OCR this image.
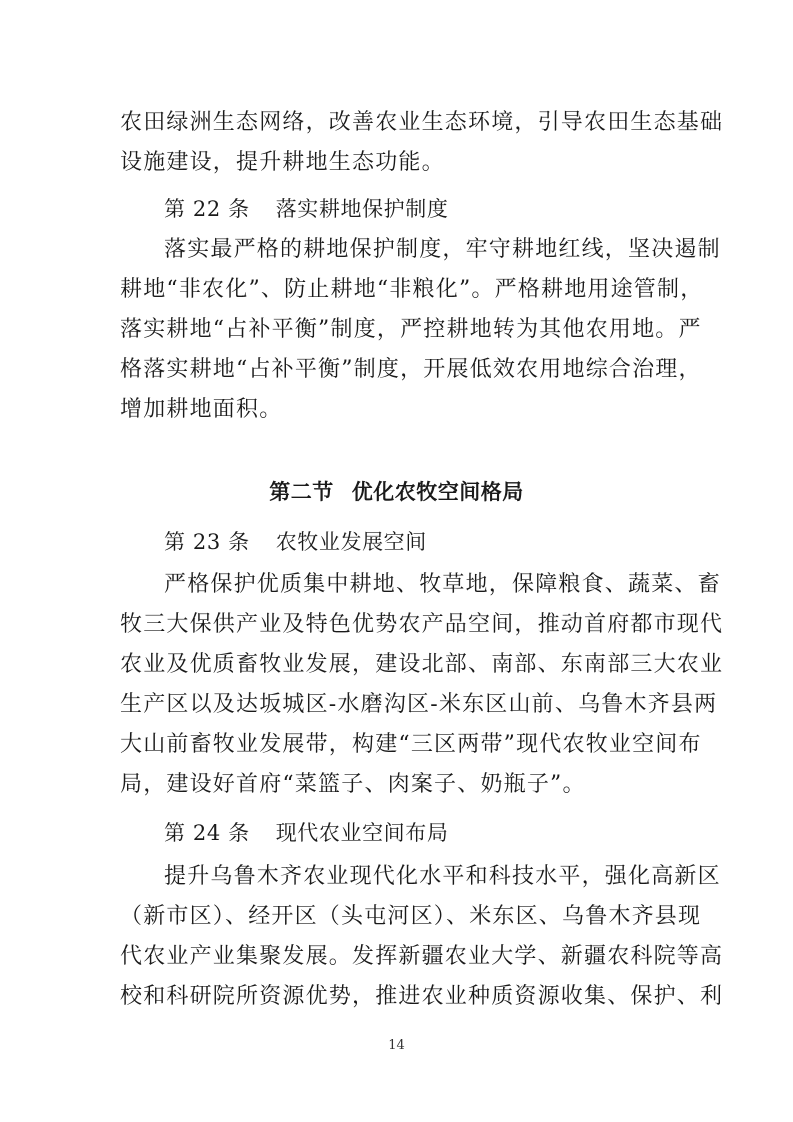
农田绿洲生态网络，改善农业生态环境，引导农田生态基础
设施建设，提升耕地生态功能。

第 22 条 落实耕地保护制度

落实最严格的耕地保护制度，牢守耕地红线，坚决遏制
耕地“非农化”、防止耕地“非粮化”。严格耕地用途管制，
落实耕地“占补平衡”制度，严控耕地转为其他农用地。严
格落实耕地“占补平衡”制度，开展低效农用地综合治理，
增加耕地面积。

第二节 优化农牧空间格局

第 23 条 农牧业发展空间

严格保护优质集中耕地、牧草地，保障粮食、蔬菜、畜
牧三大保供产业及特色优势农产品空间，推动首府都市现代
农业及优质畜牧业发展，建设北部、南部、东南部三大农业
生产区以及达坂城区-水磨沟区-米东区山前、乌鲁木齐县两
大山前畜牧业发展带，构建“三区两带”现代农牧业空间布
局，建设好首府“菜篮子、肉案子、奶瓶子”。

第 24 条 现代农业空间布局

提升乌鲁木齐农业现代化水平和科技水平，强化高新区
（新市区）、经开区（头屯河区）、米东区、乌鲁木齐县现
代农业产业集聚发展。发挥新疆农业大学、新疆农科院等高
校和科研院所资源优势，推进农业种质资源收集、保护、利

14
